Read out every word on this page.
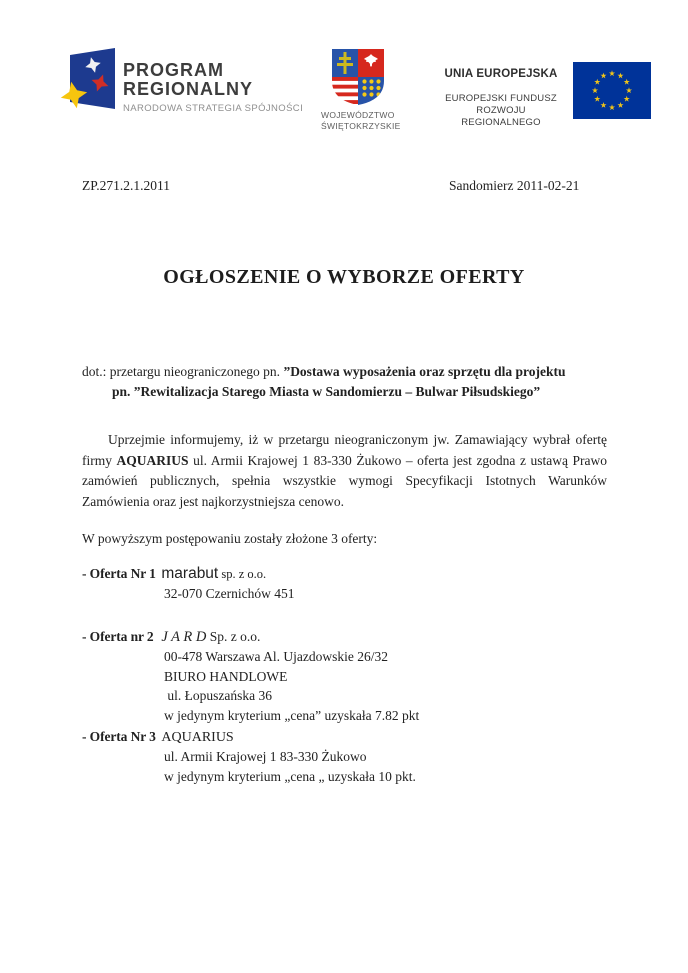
PROGRAM
REGIONALNY
NARODOWA STRATEGIA SPÓJNOŚCI
WOJEWÓDZTWO
ŚWIĘTOKRZYSKIE
UNIA EUROPEJSKA
EUROPEJSKI FUNDUSZ
ROZWOJU REGIONALNEGO
ZP.271.2.1.2011	Sandomierz 2011-02-21
OGŁOSZENIE O WYBORZE OFERTY
dot.: przetargu nieograniczonego pn. ”Dostawa wyposażenia oraz sprzętu dla projektu
pn. ”Rewitalizacja Starego Miasta w Sandomierzu – Bulwar Piłsudskiego”

Uprzejmie informujemy, iż w przetargu nieograniczonym jw. Zamawiający wybrał ofertę firmy AQUARIUS ul. Armii Krajowej 1 83-330 Żukowo – oferta jest zgodna z ustawą Prawo zamówień publicznych, spełnia wszystkie wymogi Specyfikacji Istotnych Warunków Zamówienia oraz jest najkorzystniejsza cenowo.

W powyższym postępowaniu zostały złożone 3 oferty:
- Oferta Nr 1 marabut sp. z o.o.
32-070 Czernichów 451
- Oferta nr 2 J A R D Sp. z o.o.
00-478 Warszawa Al. Ujazdowskie 26/32
BIURO HANDLOWE
ul. Łopuszańska 36
w jedynym kryterium „cena” uzyskała 7.82 pkt
- Oferta Nr 3 AQUARIUS
ul. Armii Krajowej 1 83-330 Żukowo
w jedynym kryterium „cena „ uzyskała 10 pkt.
